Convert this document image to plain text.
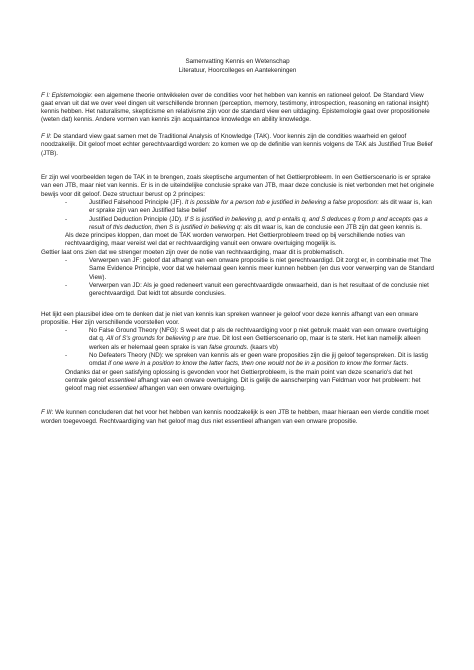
Samenvatting Kennis en Wetenschap
Literatuur, Hoorcolleges en Aantekeningen

F I: Epistemologie: een algemene theorie ontwikkelen over de condities voor het hebben van kennis en rationeel geloof. De Standard View gaat ervan uit dat we over veel dingen uit verschillende bronnen (perception, memory, testimony, introspection, reasoning en rational insight) kennis hebben. Het naturalisme, skepticisme en relativisme zijn voor de standard view een uitdaging. Epistemologie gaat over propositionele (weten dat) kennis. Andere vormen van kennis zijn acquaintance knowledge en ability knowledge.

F II: De standard view gaat samen met de Traditional Analysis of Knowledge (TAK). Voor kennis zijn de condities waarheid en geloof noodzakelijk. Dit geloof moet echter gerechtvaardigd worden: zo komen we op de definitie van kennis volgens de TAK als Justified True Belief (JTB).

Er zijn wel voorbeelden tegen de TAK in te brengen, zoals skeptische argumenten of het Gettierprobleem. In een Gettierscenario is er sprake van een JTB, maar niet van kennis. Er is in de uiteindelijke conclusie sprake van JTB, maar deze conclusie is niet verbonden met het originele bewijs voor dit geloof. Deze structuur berust op 2 principes:

- Justified Falsehood Principle (JF). It is possible for a person tob e justified in believing a false propostion: als dit waar is, kan er sprake zijn van een Justified false belief
- Justified Deduction Principle (JD). If S is justified in believing p, and p entails q, and S deduces q from p and accepts qas a result of this deduction, then S is justified in believing q: als dit waar is, kan de conclusie een JTB zijn dat geen kennis is.

Als deze principes kloppen, dan moet de TAK worden verworpen. Het Gettierprobleem treed op bij verschillende noties van rechtvaardiging, maar vereist wel dat er rechtvaardiging vanuit een onware overtuiging mogelijk is.

Gettier laat ons zien dat we strenger moeten zijn over de notie van rechtvaardiging, maar dit is problematisch.

- Verwerpen van JF: geloof dat afhangt van een onware propositie is niet gerechtvaardigd. Dit zorgt er, in combinatie met The Same Evidence Principle, voor dat we helemaal geen kennis meer kunnen hebben (en dus voor verwerping van de Standard View).
- Verwerpen van JD: Als je goed redeneert vanuit een gerechtvaardigde onwaarheid, dan is het resultaat of de conclusie niet gerechtvaardigd. Dat leidt tot absurde conclusies.

Het lijkt een plausibel idee om te denken dat je niet van kennis kan spreken wanneer je geloof voor deze kennis afhangt van een onware propositie. Hier zijn verschillende voorstellen voor.

- No False Ground Theory (NFG): S weet dat p als de rechtvaardiging voor p niet gebruik maakt van een onware overtuiging dat q. All of S's grounds for believing p are true. Dit lost een Gettierscenario op, maar is te sterk. Het kan namelijk alleen werken als er helemaal geen sprake is van false grounds. (kaars vb)
- No Defeaters Theory (ND): we spreken van kennis als er geen ware proposities zijn die jij geloof tegenspreken. Dit is lastig omdat if one were in a position to know the latter facts, then one would not be in a position to know the former facts.

Ondanks dat er geen satisfying oplossing is gevonden voor het Gettierprobleem, is the main point van deze scenario's dat het centrale geloof essentieel afhangt van een onware overtuiging. Dit is gelijk de aanscherping van Feldman voor het probleem: het geloof mag niet essentieel afhangen van een onware overtuiging.

F III: We kunnen concluderen dat het voor het hebben van kennis noodzakelijk is een JTB te hebben, maar hieraan een vierde conditie moet worden toegevoegd. Rechtvaardiging van het geloof mag dus niet essentieel afhangen van een onware propositie.
